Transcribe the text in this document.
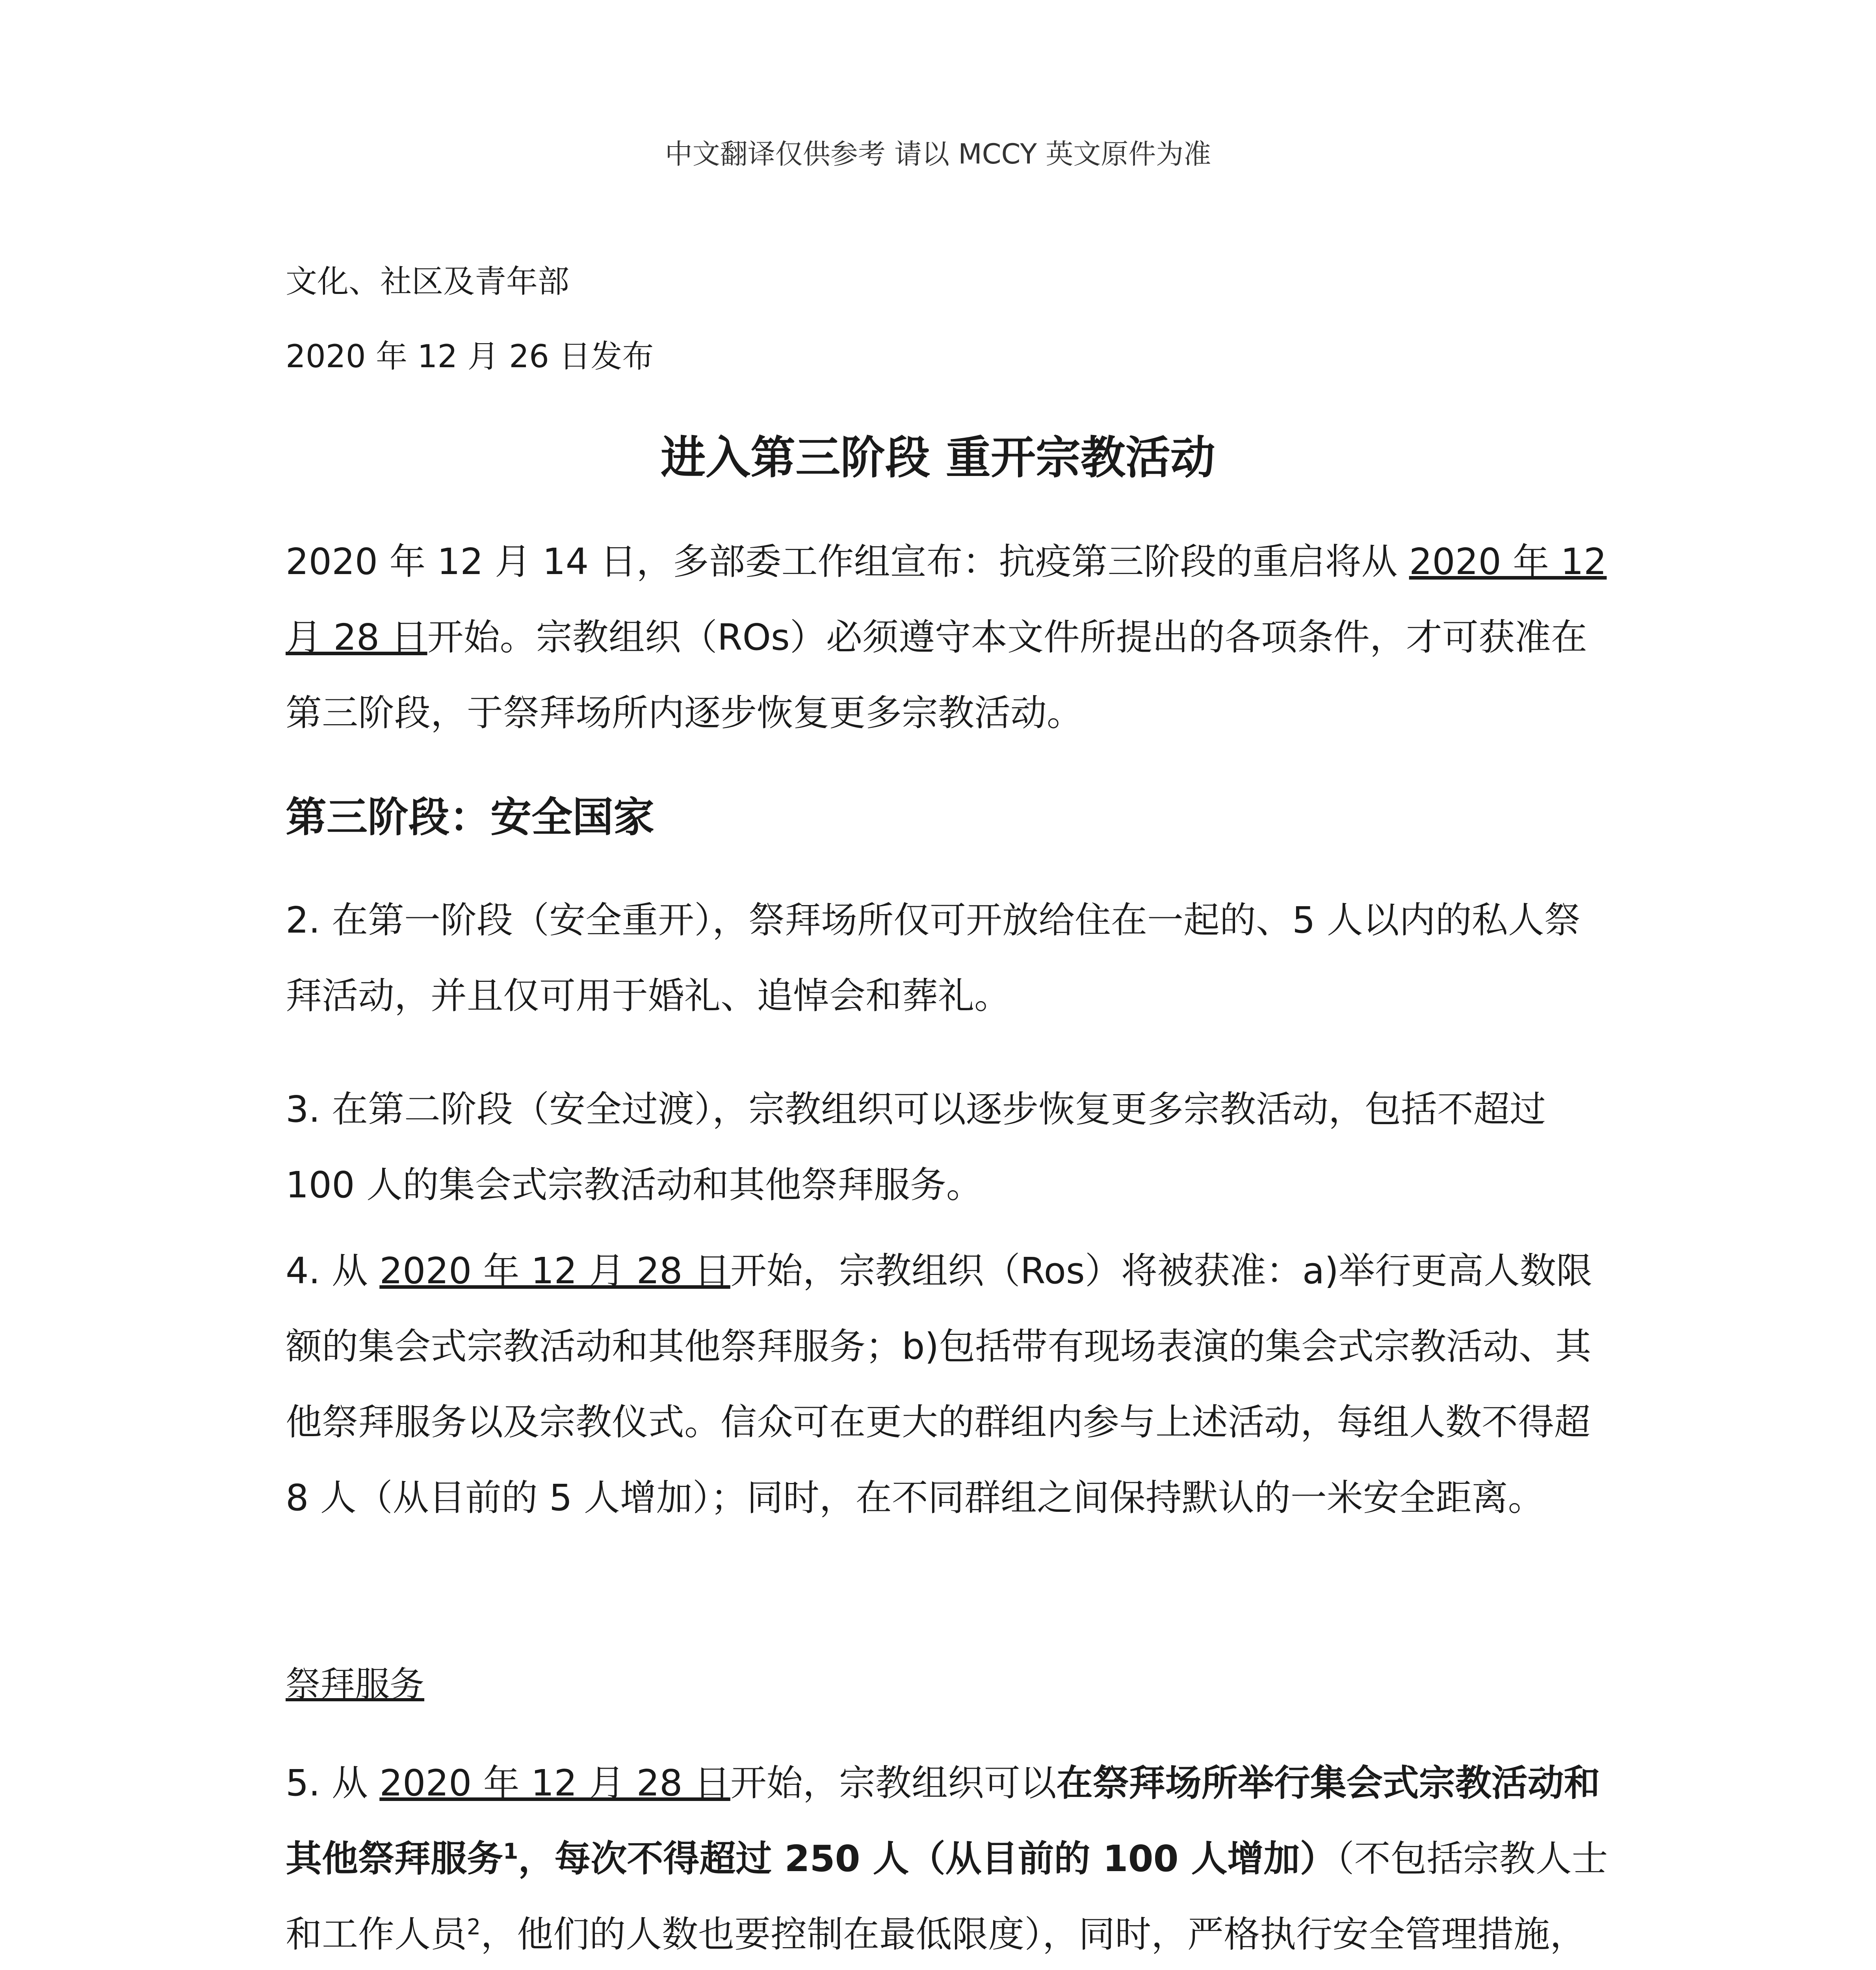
中文翻译仅供参考 请以 MCCY 英文原件为准
文化、社区及青年部
2020 年 12 月 26 日发布
进入第三阶段 重开宗教活动
2020 年 12 月 14 日，多部委工作组宣布：抗疫第三阶段的重启将从 2020 年 12 月 28 日开始。宗教组织（ROs）必须遵守本文件所提出的各项条件，才可获准在第三阶段，于祭拜场所内逐步恢复更多宗教活动。
第三阶段：安全国家
2. 在第一阶段（安全重开），祭拜场所仅可开放给住在一起的、5 人以内的私人祭拜活动，并且仅可用于婚礼、追悼会和葬礼。
3. 在第二阶段（安全过渡），宗教组织可以逐步恢复更多宗教活动，包括不超过 100 人的集会式宗教活动和其他祭拜服务。
4. 从 2020 年 12 月 28 日开始，宗教组织（Ros）将被获准：a)举行更高人数限额的集会式宗教活动和其他祭拜服务；b)包括带有现场表演的集会式宗教活动、其他祭拜服务以及宗教仪式。信众可在更大的群组内参与上述活动，每组人数不得超 8 人（从目前的 5 人增加）；同时，在不同群组之间保持默认的一米安全距离。
祭拜服务
5. 从 2020 年 12 月 28 日开始，宗教组织可以在祭拜场所举行集会式宗教活动和其他祭拜服务$^1$，每次不得超过 250 人（从目前的 100 人增加）（不包括宗教人士和工作人员$^2$，他们的人数也要控制在最低限度），同时，严格执行安全管理措施，
